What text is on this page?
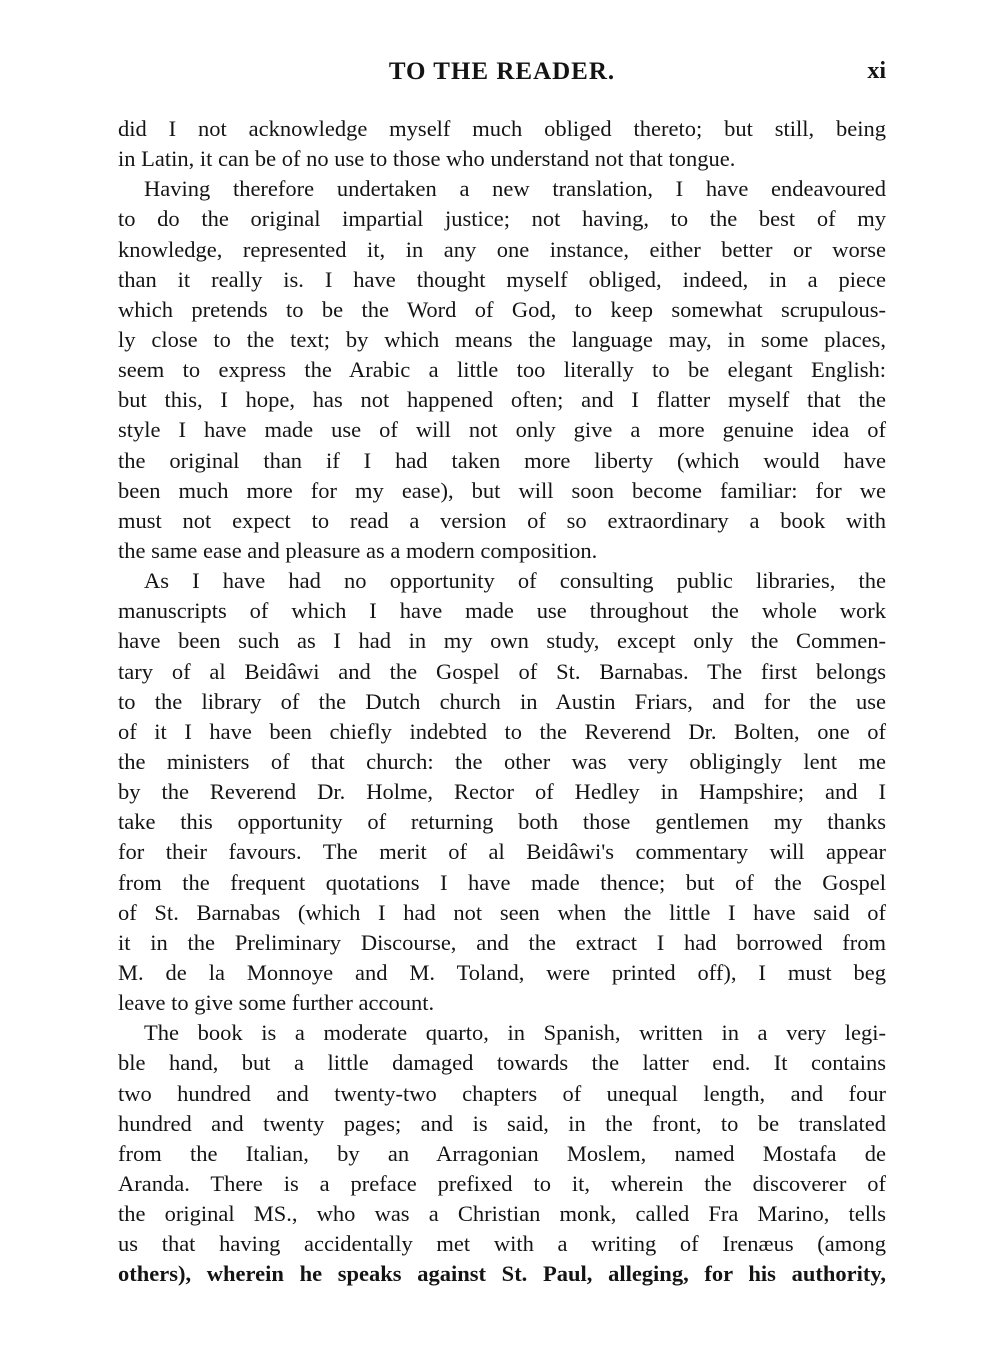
TO THE READER.	xi
did I not acknowledge myself much obliged thereto; but still, being
in Latin, it can be of no use to those who understand not that tongue.
Having therefore undertaken a new translation, I have endeavoured
to do the original impartial justice; not having, to the best of my
knowledge, represented it, in any one instance, either better or worse
than it really is. I have thought myself obliged, indeed, in a piece
which pretends to be the Word of God, to keep somewhat scrupulous-
ly close to the text; by which means the language may, in some places,
seem to express the Arabic a little too literally to be elegant English:
but this, I hope, has not happened often; and I flatter myself that the
style I have made use of will not only give a more genuine idea of
the original than if I had taken more liberty (which would have
been much more for my ease), but will soon become familiar: for we
must not expect to read a version of so extraordinary a book with
the same ease and pleasure as a modern composition.
As I have had no opportunity of consulting public libraries, the
manuscripts of which I have made use throughout the whole work
have been such as I had in my own study, except only the Commen-
tary of al Beidâwi and the Gospel of St. Barnabas. The first belongs
to the library of the Dutch church in Austin Friars, and for the use
of it I have been chiefly indebted to the Reverend Dr. Bolten, one of
the ministers of that church: the other was very obligingly lent me
by the Reverend Dr. Holme, Rector of Hedley in Hampshire; and I
take this opportunity of returning both those gentlemen my thanks
for their favours. The merit of al Beidâwi's commentary will appear
from the frequent quotations I have made thence; but of the Gospel
of St. Barnabas (which I had not seen when the little I have said of
it in the Preliminary Discourse, and the extract I had borrowed from
M. de la Monnoye and M. Toland, were printed off), I must beg
leave to give some further account.
The book is a moderate quarto, in Spanish, written in a very legi-
ble hand, but a little damaged towards the latter end. It contains
two hundred and twenty-two chapters of unequal length, and four
hundred and twenty pages; and is said, in the front, to be translated
from the Italian, by an Arragonian Moslem, named Mostafa de
Aranda. There is a preface prefixed to it, wherein the discoverer of
the original MS., who was a Christian monk, called Fra Marino, tells
us that having accidentally met with a writing of Irenæus (among
others), wherein he speaks against St. Paul, alleging, for his authority,
